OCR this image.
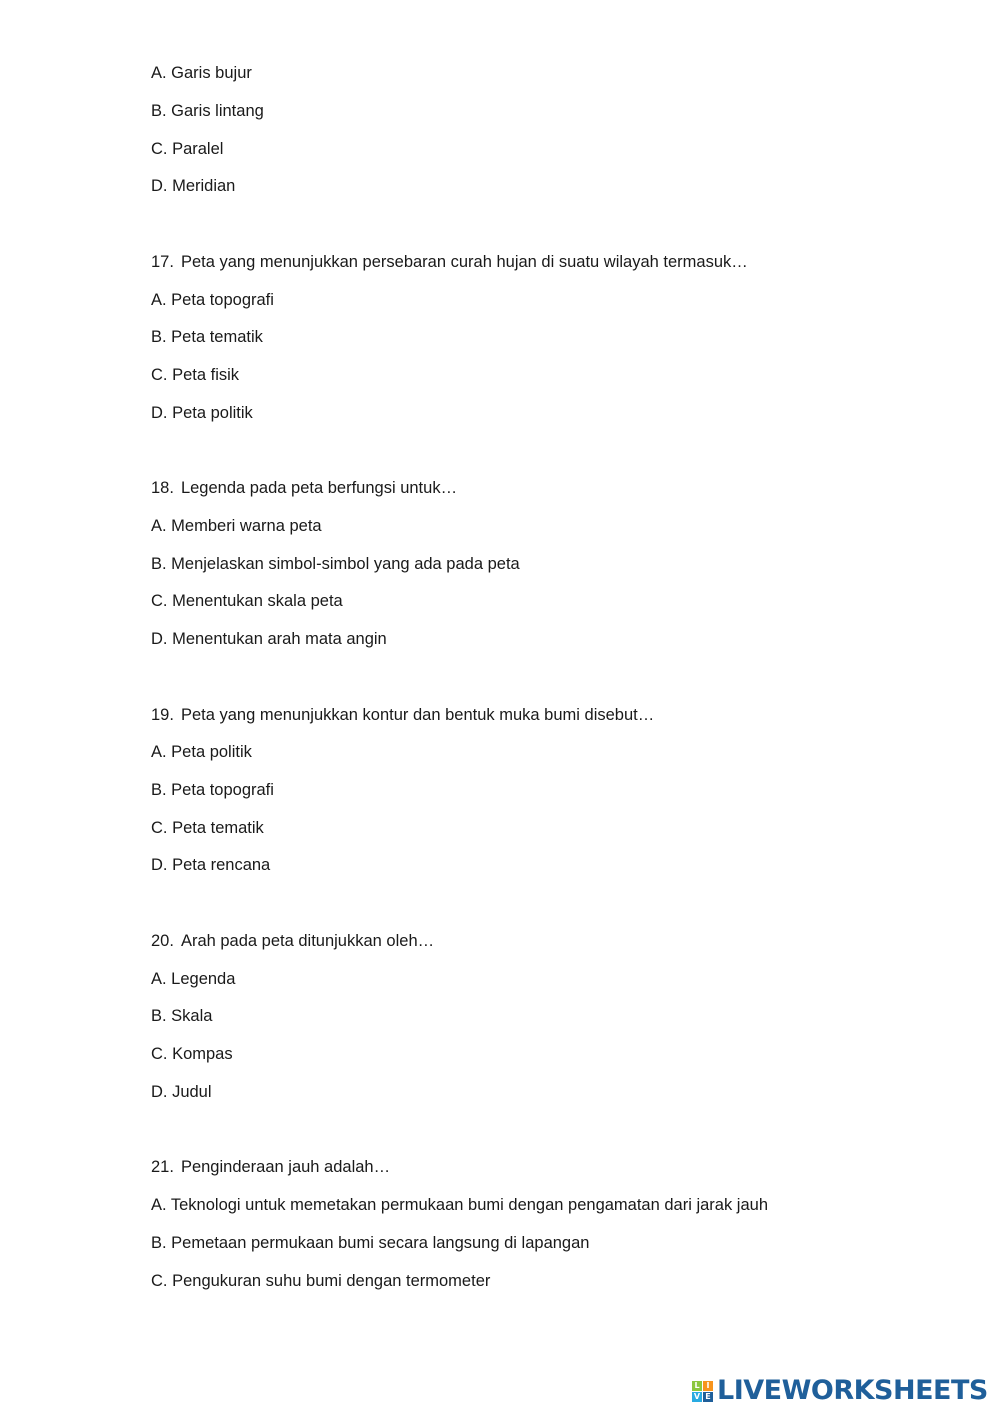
A. Garis bujur
B. Garis lintang
C. Paralel
D. Meridian
17. Peta yang menunjukkan persebaran curah hujan di suatu wilayah termasuk…
A. Peta topografi
B. Peta tematik
C. Peta fisik
D. Peta politik
18. Legenda pada peta berfungsi untuk…
A. Memberi warna peta
B. Menjelaskan simbol-simbol yang ada pada peta
C. Menentukan skala peta
D. Menentukan arah mata angin
19. Peta yang menunjukkan kontur dan bentuk muka bumi disebut…
A. Peta politik
B. Peta topografi
C. Peta tematik
D. Peta rencana
20. Arah pada peta ditunjukkan oleh…
A. Legenda
B. Skala
C. Kompas
D. Judul
21. Penginderaan jauh adalah…
A. Teknologi untuk memetakan permukaan bumi dengan pengamatan dari jarak jauh
B. Pemetaan permukaan bumi secara langsung di lapangan
C. Pengukuran suhu bumi dengan termometer
L I
V E LIVEWORKSHEETS
